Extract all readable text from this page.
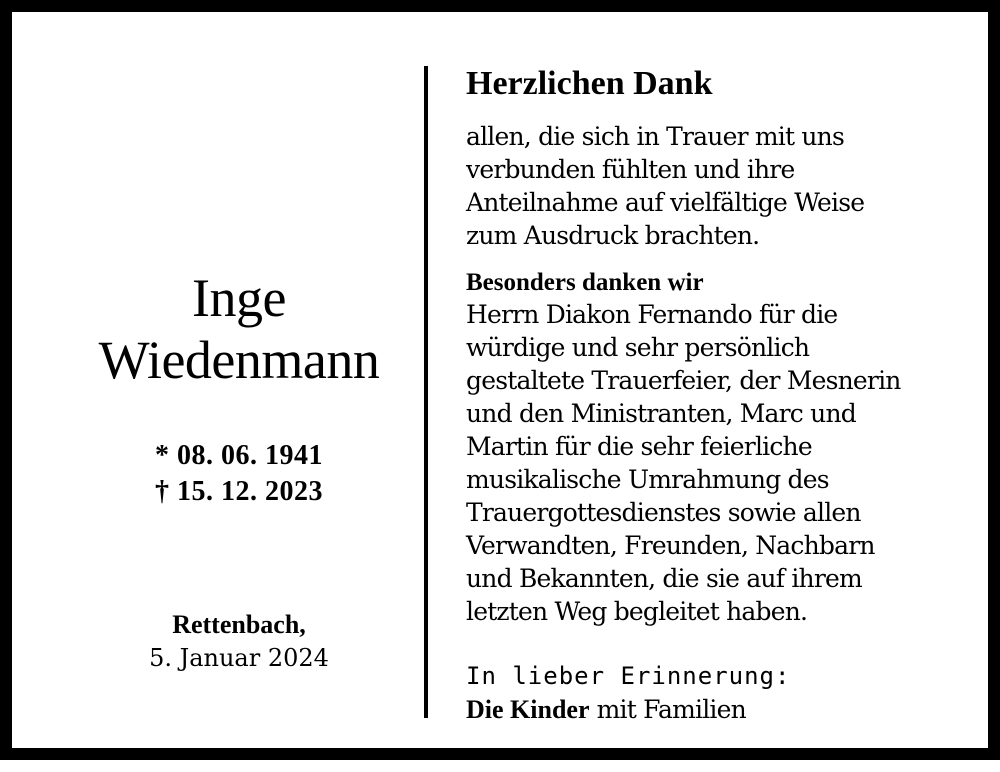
Inge
Wiedenmann
* 08. 06. 1941
† 15. 12. 2023
Rettenbach,
5. Januar 2024
Herzlichen Dank
allen, die sich in Trauer mit uns
verbunden fühlten und ihre
Anteilnahme auf vielfältige Weise
zum Ausdruck brachten.
Besonders danken wir
Herrn Diakon Fernando für die
würdige und sehr persönlich
gestaltete Trauerfeier, der Mesnerin
und den Ministranten, Marc und
Martin für die sehr feierliche
musikalische Umrahmung des
Trauergottesdienstes sowie allen
Verwandten, Freunden, Nachbarn
und Bekannten, die sie auf ihrem
letzten Weg begleitet haben.
In lieber Erinnerung:
Die Kinder mit Familien
